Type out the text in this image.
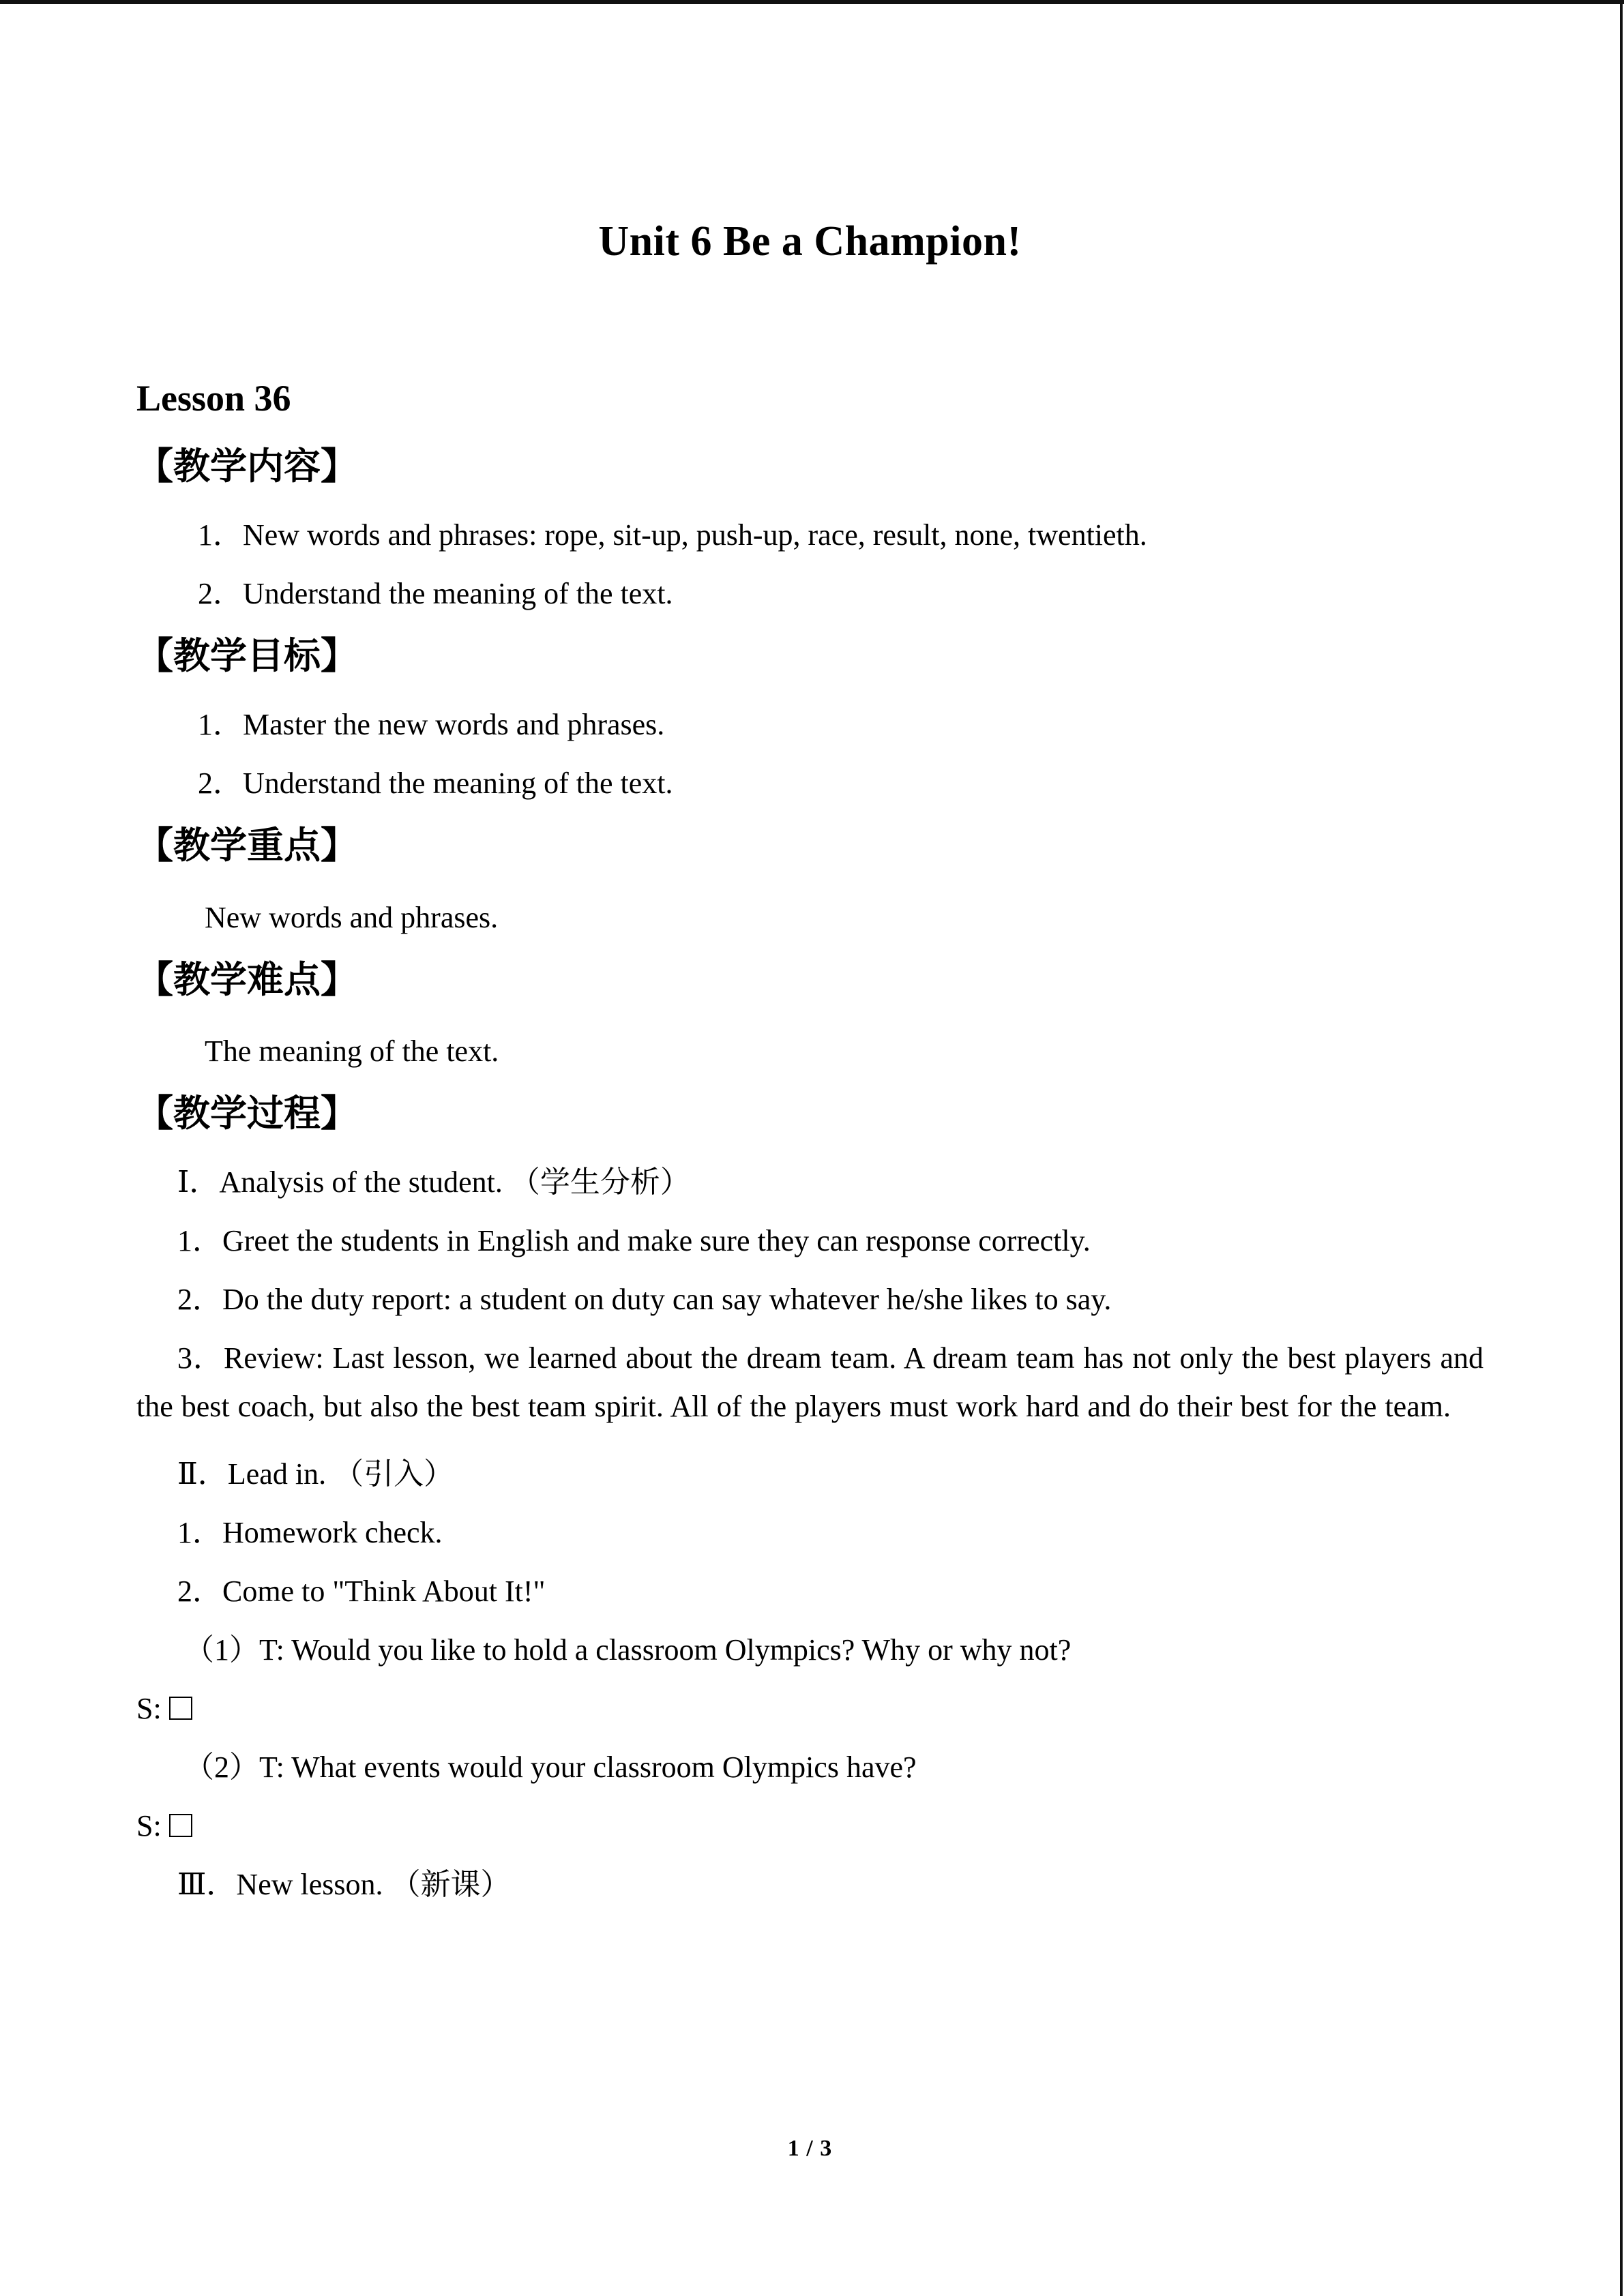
Unit 6 Be a Champion!
Lesson 36
【教学内容】

1．New words and phrases: rope, sit-up, push-up, race, result, none, twentieth.

2．Understand the meaning of the text.

【教学目标】

1．Master the new words and phrases.

2．Understand the meaning of the text.

【教学重点】

New words and phrases.

【教学难点】

The meaning of the text.

【教学过程】

Ⅰ．Analysis of the student. （学生分析）

1．Greet the students in English and make sure they can response correctly.

2．Do the duty report: a student on duty can say whatever he/she likes to say.

3．Review: Last lesson, we learned about the dream team. A dream team has not only the best players and the best coach, but also the best team spirit. All of the players must work hard and do their best for the team.

Ⅱ．Lead in. （引入）

1．Homework check.

2．Come to "Think About It!"

（1）T: Would you like to hold a classroom Olympics? Why or why not?

S:

（2）T: What events would your classroom Olympics have?

S:

Ⅲ．New lesson. （新课）

1 / 3
